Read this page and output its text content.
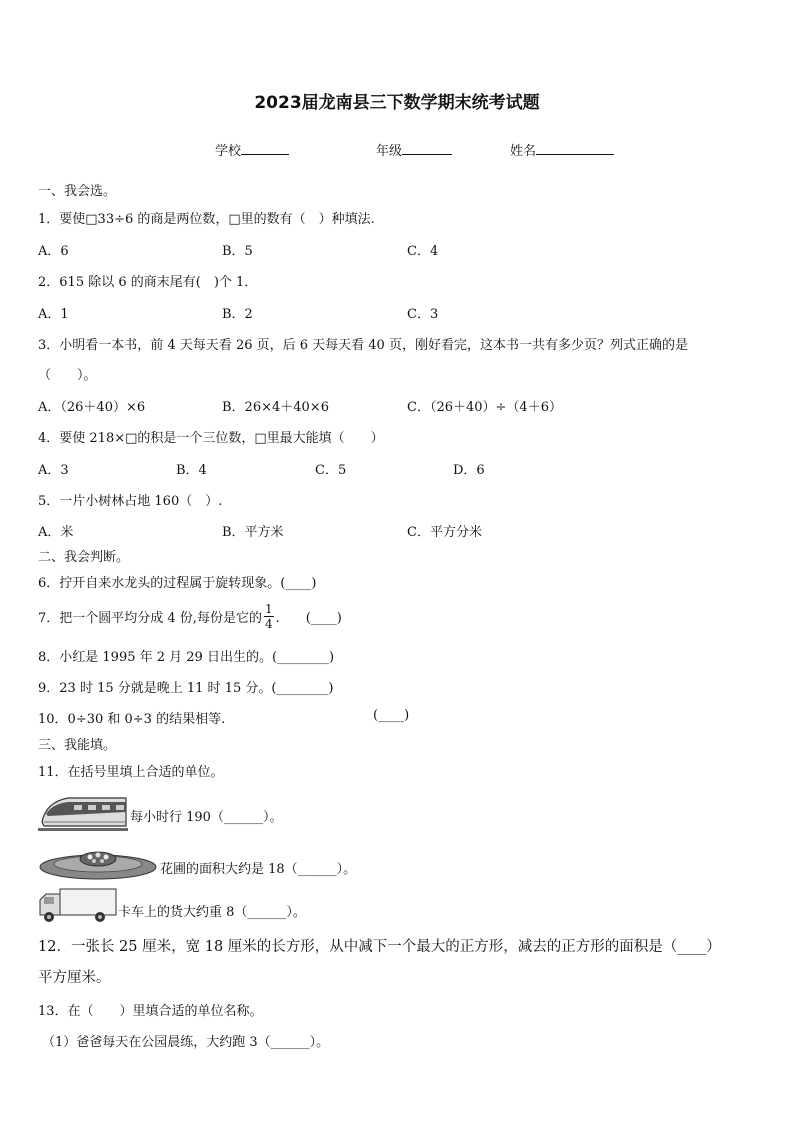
2023届龙南县三下数学期末统考试题
学校	年级	姓名
一、我会选。
1．要使□33÷6 的商是两位数，□里的数有（　）种填法.
A．6	B．5	C．4
2．615 除以 6 的商末尾有(　)个 1．
A．1	B．2	C．3
3．小明看一本书，前 4 天每天看 26 页，后 6 天每天看 40 页，刚好看完，这本书一共有多少页？列式正确的是
（　　）。
A．（26＋40）×6	B．26×4＋40×6	C．（26＋40）÷（4＋6）
4．要使 218×□的积是一个三位数，□里最大能填（　　）
A．3	B．4	C．5	D．6
5．一片小树林占地 160（　）.
A．米	B．平方米	C．平方分米
二、我会判断。
6．拧开自来水龙头的过程属于旋转现象。(____)
7．把一个圆平均分成 4 份,每份是它的 $\frac{1}{4}$ .　　(____)
8．小红是 1995 年 2 月 29 日出生的。(________)
9．23 时 15 分就是晚上 11 时 15 分。(________)
10．0÷30 和 0÷3 的结果相等.	(____)
三、我能填。
11．在括号里填上合适的单位。
每小时行 190（______）。
花圃的面积大约是 18（______）。
卡车上的货大约重 8（______）。
12．一张长 25 厘米，宽 18 厘米的长方形，从中减下一个最大的正方形，减去的正方形的面积是（____）
平方厘米。
13．在（　　）里填合适的单位名称。
（1）爸爸每天在公园晨练，大约跑 3（______）。
